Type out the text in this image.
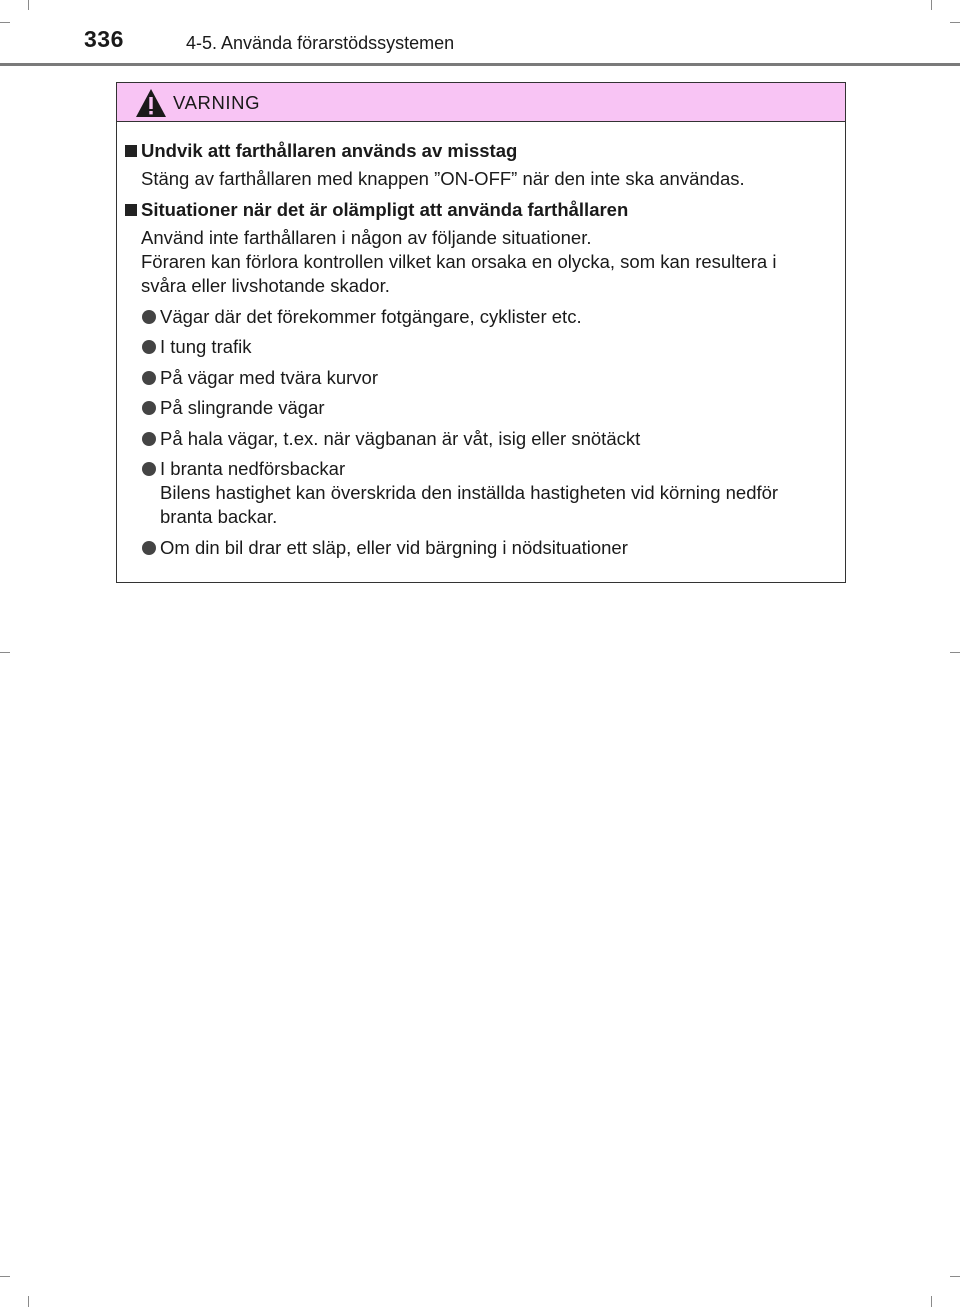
336	4-5. Använda förarstödssystemen
VARNING
Undvik att farthållaren används av misstag
Stäng av farthållaren med knappen ”ON-OFF” när den inte ska användas.
Situationer när det är olämpligt att använda farthållaren
Använd inte farthållaren i någon av följande situationer.
Föraren kan förlora kontrollen vilket kan orsaka en olycka, som kan resultera i
svåra eller livshotande skador.
Vägar där det förekommer fotgängare, cyklister etc.
I tung trafik
På vägar med tvära kurvor
På slingrande vägar
På hala vägar, t.ex. när vägbanan är våt, isig eller snötäckt
I branta nedförsbackar
Bilens hastighet kan överskrida den inställda hastigheten vid körning nedför
branta backar.
Om din bil drar ett släp, eller vid bärgning i nödsituationer
